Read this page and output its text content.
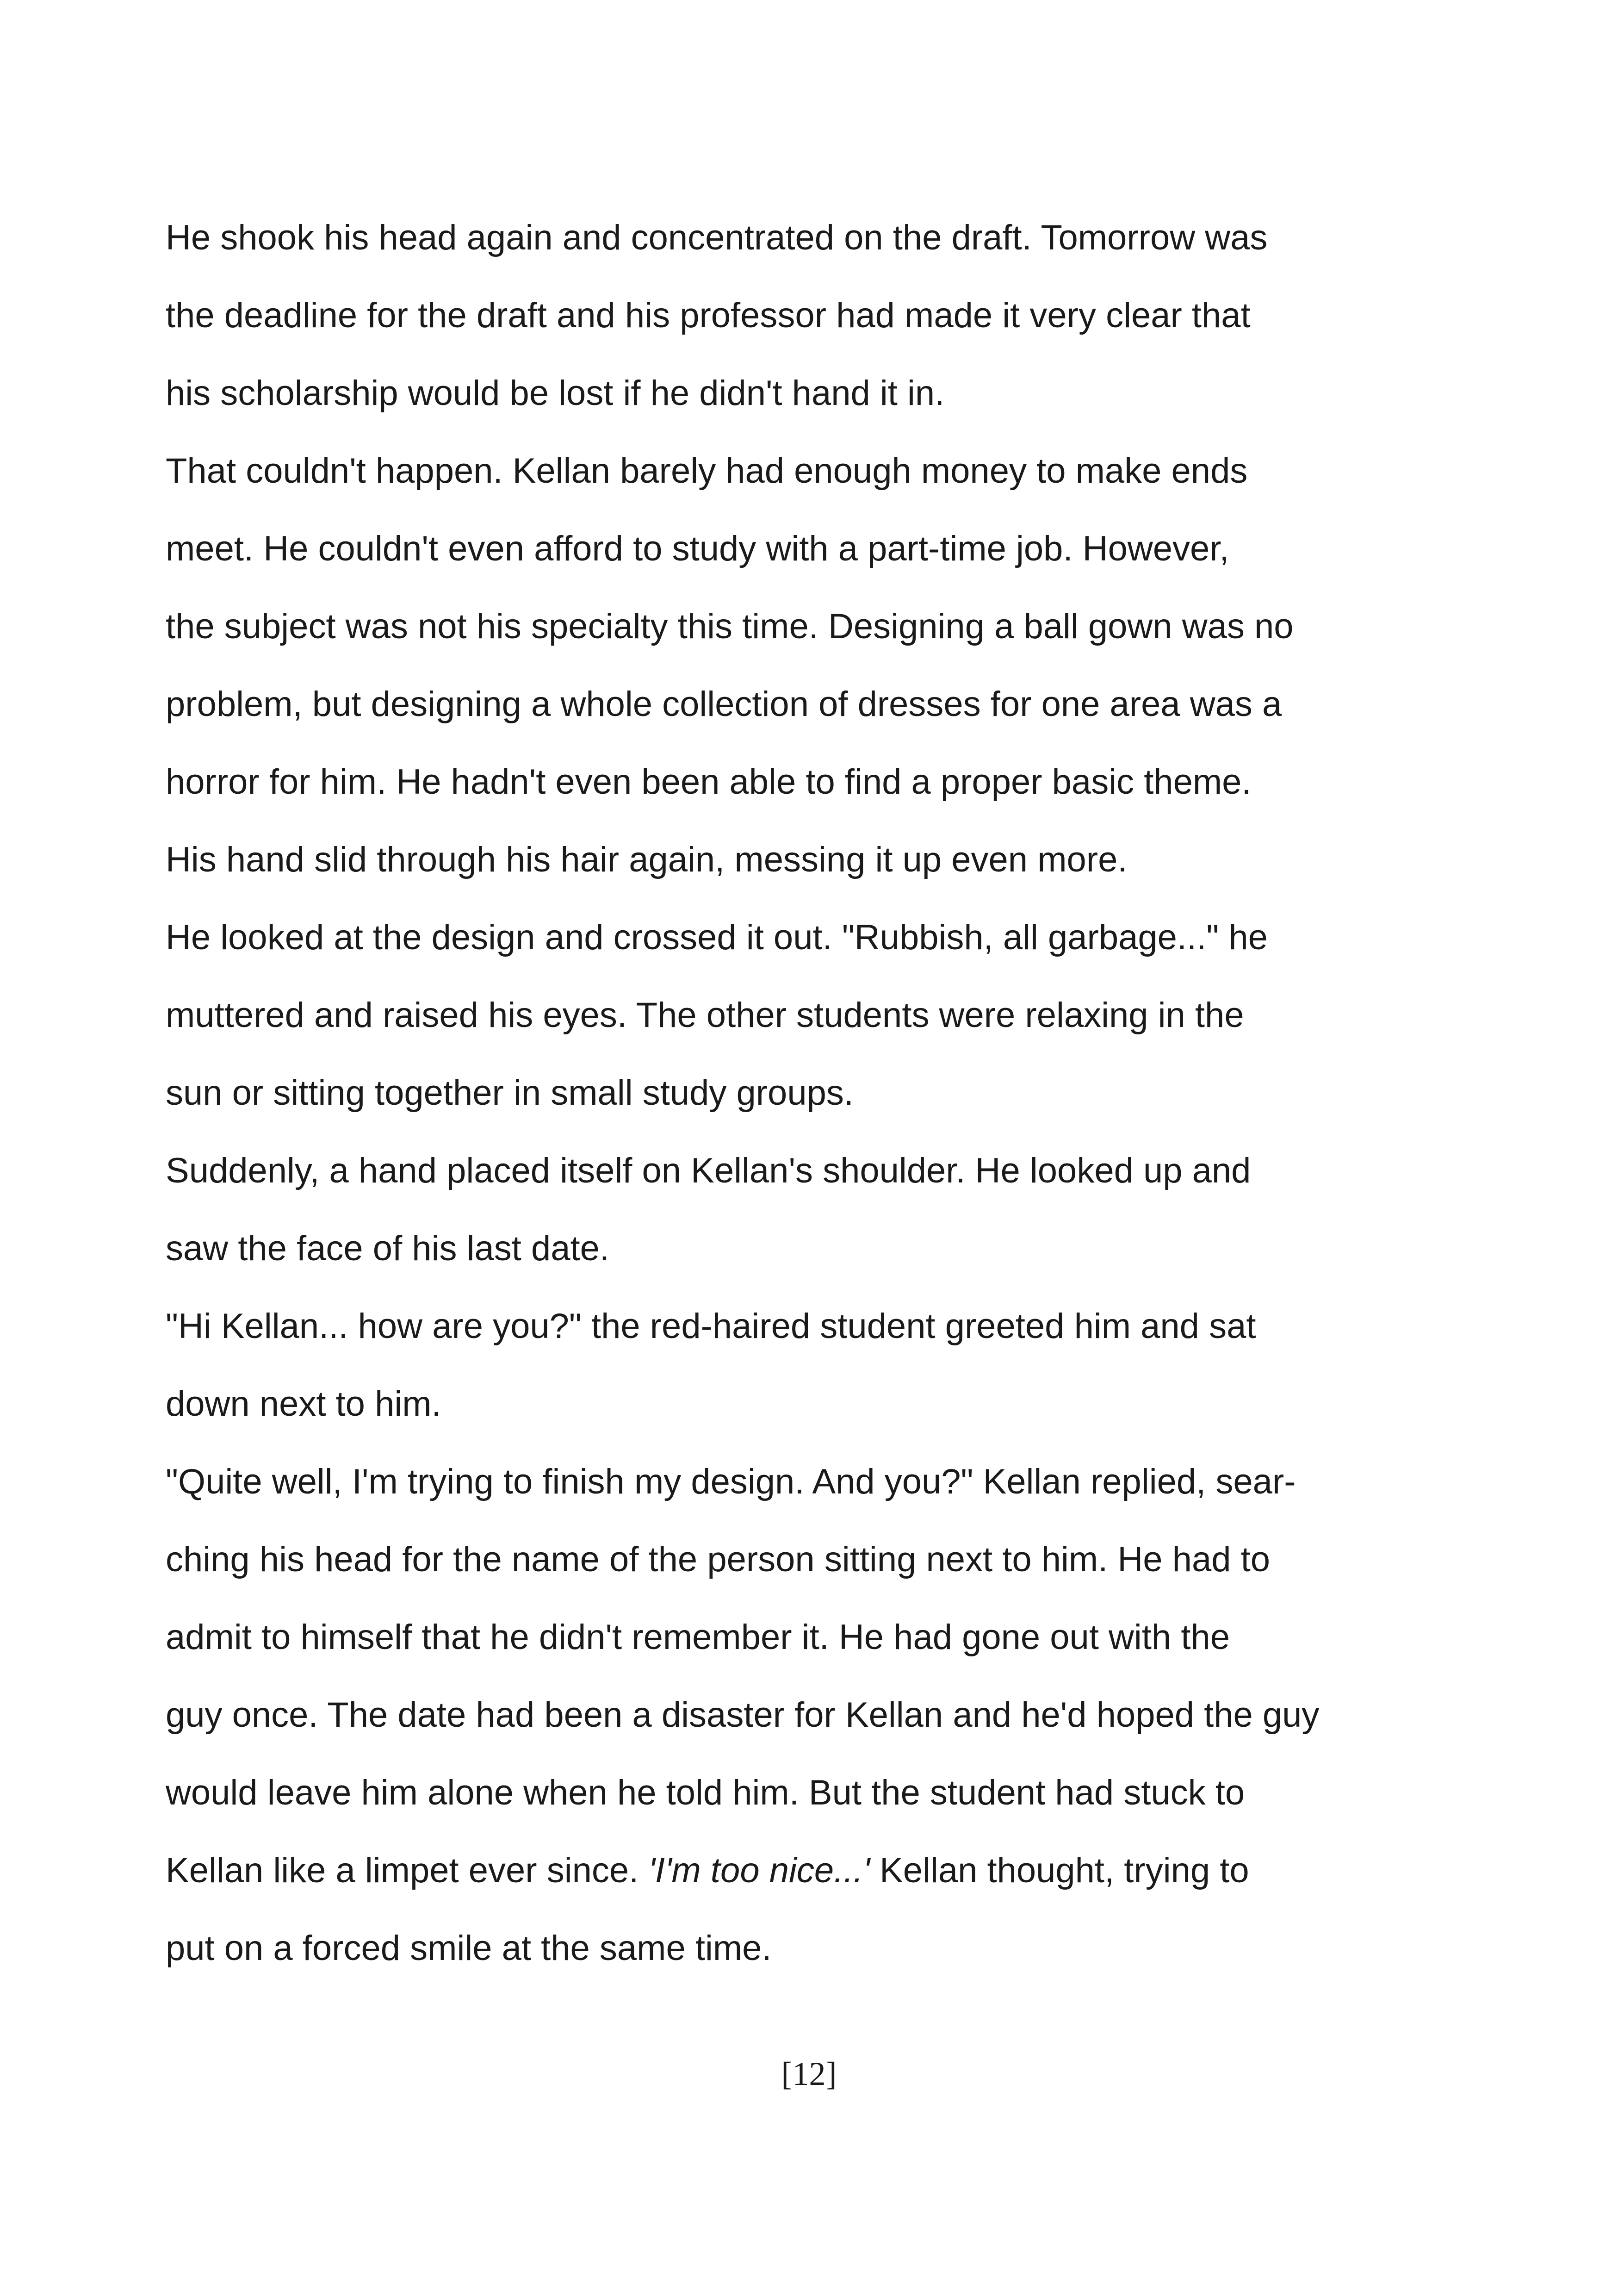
He shook his head again and concentrated on the draft. Tomorrow was
the deadline for the draft and his professor had made it very clear that
his scholarship would be lost if he didn't hand it in.
That couldn't happen. Kellan barely had enough money to make ends
meet. He couldn't even afford to study with a part-time job. However,
the subject was not his specialty this time. Designing a ball gown was no
problem, but designing a whole collection of dresses for one area was a
horror for him. He hadn't even been able to find a proper basic theme.
His hand slid through his hair again, messing it up even more.
He looked at the design and crossed it out. "Rubbish, all garbage..." he
muttered and raised his eyes. The other students were relaxing in the
sun or sitting together in small study groups.
Suddenly, a hand placed itself on Kellan's shoulder. He looked up and
saw the face of his last date.
"Hi Kellan... how are you?" the red-haired student greeted him and sat
down next to him.
"Quite well, I'm trying to finish my design. And you?" Kellan replied, sear-
ching his head for the name of the person sitting next to him. He had to
admit to himself that he didn't remember it. He had gone out with the
guy once. The date had been a disaster for Kellan and he'd hoped the guy
would leave him alone when he told him. But the student had stuck to
Kellan like a limpet ever since. 'I'm too nice...' Kellan thought, trying to
put on a forced smile at the same time.
[12]
